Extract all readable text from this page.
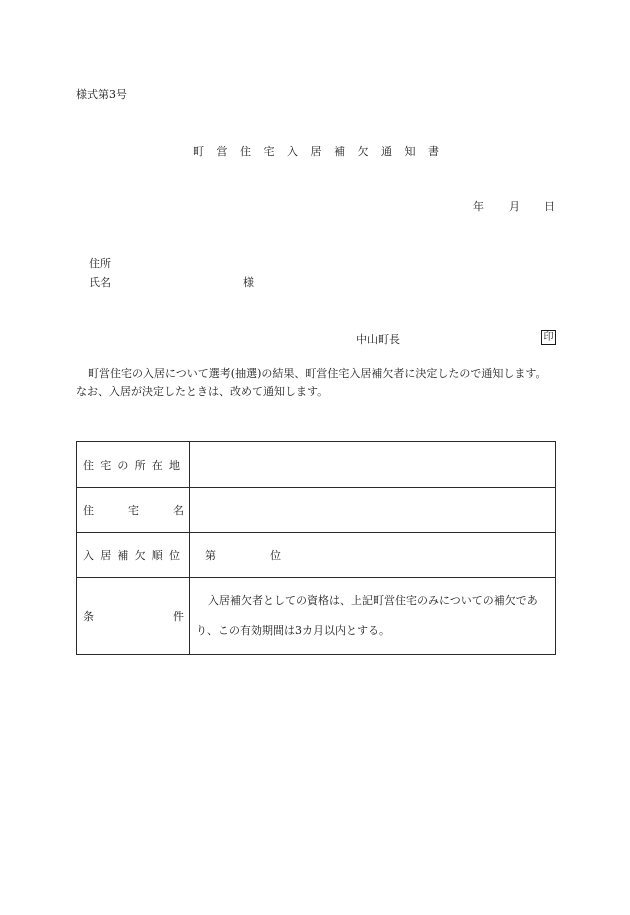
様式第3号
町営住宅入居補欠通知書
年 月 日
住所
氏名	様
中山町長	印

町営住宅の入居について選考(抽選)の結果、町営住宅入居補欠者に決定したので通知します。

なお、入居が決定したときは、改めて通知します。

住宅の所在地	

住 宅 名	

入居補欠順位	第 位

条 件	入居補欠者としての資格は、上記町営住宅のみについての補欠であり、この有効期間は3カ月以内とする。
